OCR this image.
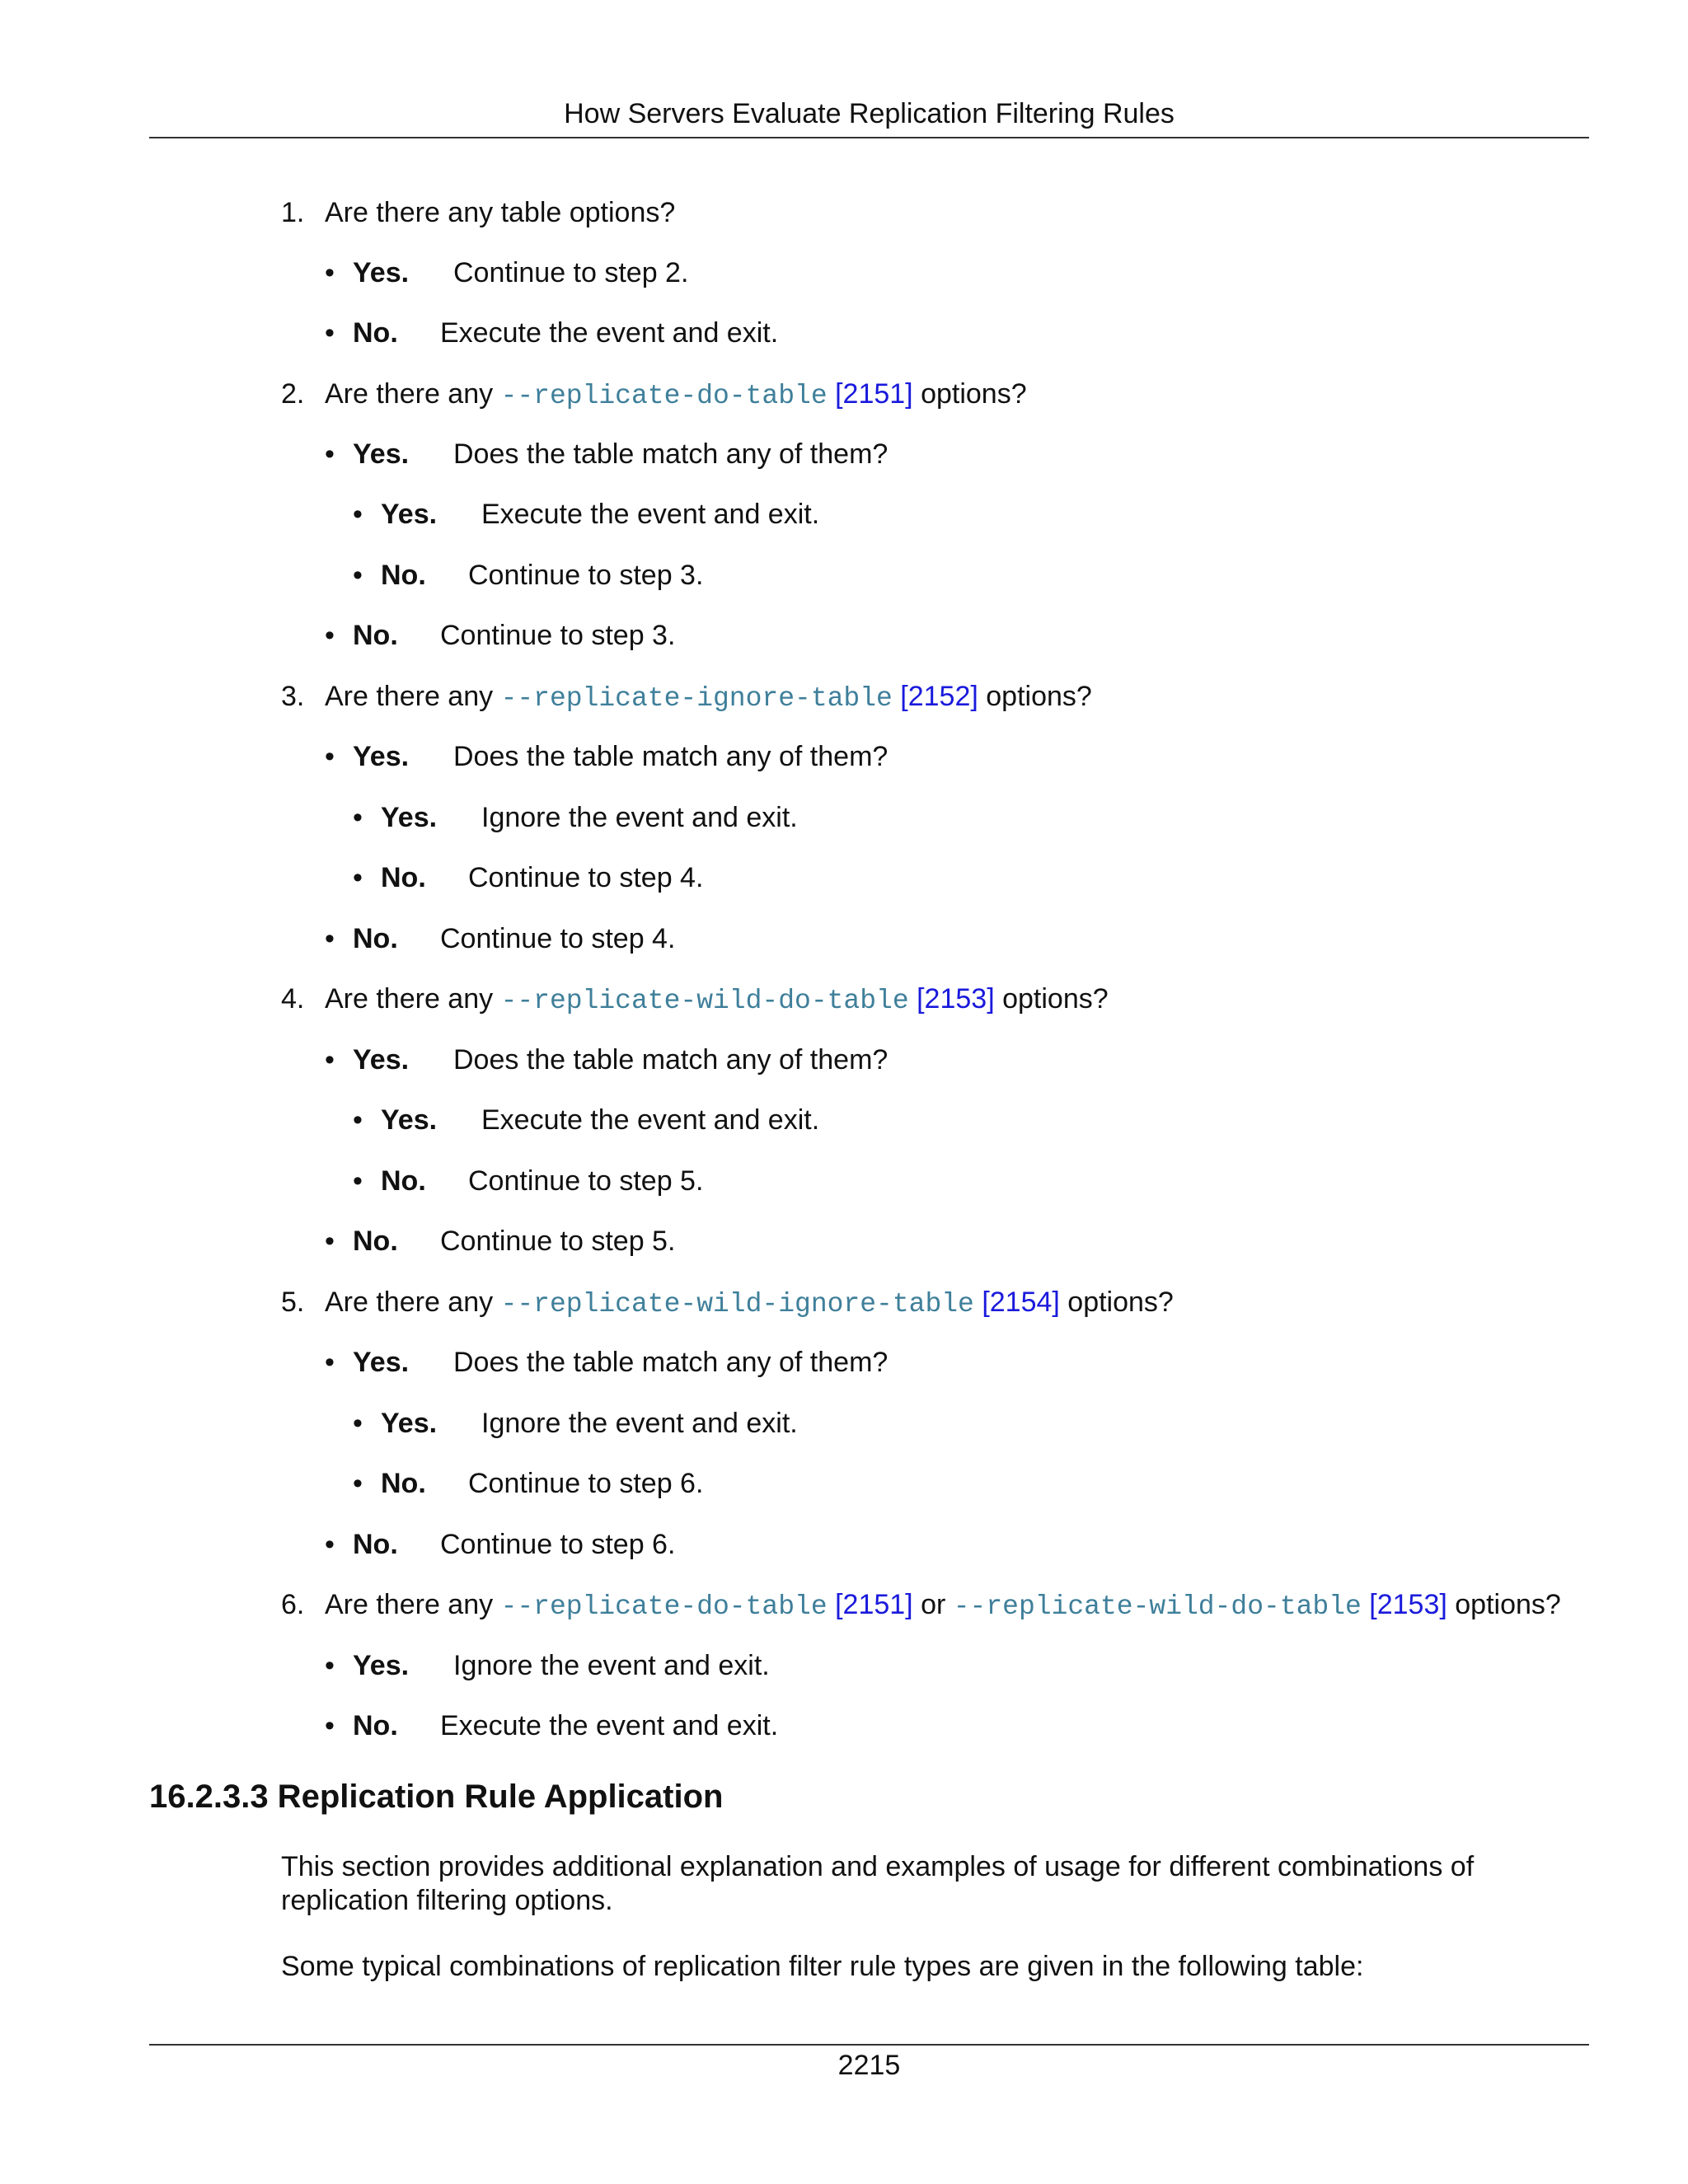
How Servers Evaluate Replication Filtering Rules
1. Are there any table options?
• Yes. Continue to step 2.
• No. Execute the event and exit.
2. Are there any --replicate-do-table [2151] options?
• Yes. Does the table match any of them?
• Yes. Execute the event and exit.
• No. Continue to step 3.
• No. Continue to step 3.
3. Are there any --replicate-ignore-table [2152] options?
• Yes. Does the table match any of them?
• Yes. Ignore the event and exit.
• No. Continue to step 4.
• No. Continue to step 4.
4. Are there any --replicate-wild-do-table [2153] options?
• Yes. Does the table match any of them?
• Yes. Execute the event and exit.
• No. Continue to step 5.
• No. Continue to step 5.
5. Are there any --replicate-wild-ignore-table [2154] options?
• Yes. Does the table match any of them?
• Yes. Ignore the event and exit.
• No. Continue to step 6.
• No. Continue to step 6.
6. Are there any --replicate-do-table [2151] or --replicate-wild-do-table [2153] options?
• Yes. Ignore the event and exit.
• No. Execute the event and exit.
16.2.3.3 Replication Rule Application
This section provides additional explanation and examples of usage for different combinations of replication filtering options.
Some typical combinations of replication filter rule types are given in the following table:
2215
